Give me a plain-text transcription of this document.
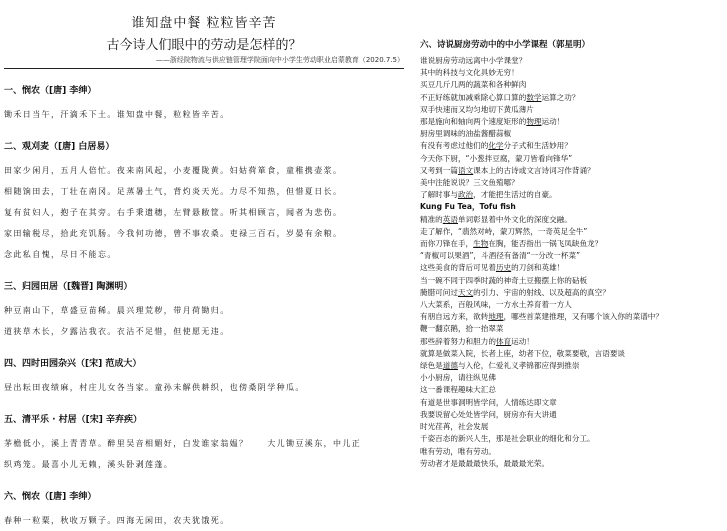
谁知盘中餐 粒粒皆辛苦
古今诗人们眼中的劳动是怎样的？
——浙经院物流与供应链管理学院面向中小学生劳动职业启蒙教育（2020.7.5）
一、悯农（[唐] 李绅）
锄禾日当午，汗滴禾下土。谁知盘中餐，粒粒皆辛苦。
二、观刈麦（[唐] 白居易）
田家少闲月，五月人倍忙。夜来南风起，小麦覆陇黄。妇姑荷箪食，童稚携壶浆。
相随饷田去，丁壮在南冈。足蒸暑土气，背灼炎天光。力尽不知热，但惜夏日长。
复有贫妇人，抱子在其旁。右手秉遗穗，左臂悬敝筐。听其相顾言，闻者为悲伤。
家田输税尽，拾此充饥肠。今我何功德，曾不事农桑。吏禄三百石，岁晏有余粮。
念此私自愧，尽日不能忘。
三、归园田居（[魏晋] 陶渊明）
种豆南山下，草盛豆苗稀。晨兴理荒秽，带月荷锄归。
道狭草木长，夕露沾我衣。衣沾不足惜，但使愿无违。
四、四时田园杂兴（[宋] 范成大）
昼出耘田夜绩麻，村庄儿女各当家。童孙未解供耕织，也傍桑阴学种瓜。
五、清平乐 · 村居（[宋] 辛弃疾）
茅檐低小，溪上青青草。醉里吴音相媚好，白发谁家翁媪？　　大儿锄豆溪东，中儿正
织鸡笼。最喜小儿无赖，溪头卧剥莲蓬。
六、悯农（[唐] 李绅）
春种一粒粟，秋收万颗子。四海无闲田，农夫犹饿死。
六、诗说厨房劳动中的中小学课程（郭星明）
谁说厨房劳动远离中小学课堂？
其中的科技与文化具妙无穷！
买豆几斤几两的蔬菜和各种鲜肉
不正好练就加减乘除心算口算的数学运算之功？
双手快速而又均匀地切下黄瓜薄片
那是施向和轴向两个速度矩形的物理运动！
厨房里调味的油盐酱醋蒜椒
有没有考虑过他们的化学分子式和生活妙用？
今天你下厨，“小葱拌豆腐，蒙刀皆看向锋华”
又考到一篇语文课本上的古诗或文言诗词习作背诵？
美中注能说说？三文鱼殖哪？
了解时事与政治，才能把生活过的自豪。
Kung Fu Tea，Tofu fish
精准的英语单词彰显着中外文化的深度交融。
走了解作，“翡然对峙，蒙刀辉然，一奇英足全牛”
而你刀锋在手，生物在胸，能否指出一锅飞凤缺鱼龙？
“青椒可以果酒”，斗酒径有备清“一分改一杯菜”
这些美食的背后可见着历史的刀剑和英雄！
当一碗不同于四季时蔬的神奇土豆搬摆上你的砧板
腌腊可问过天文的引力、宇宙的射线、以及超高的真空？
八大菜系，百般风味，一方水土养育着一方人
有朋自远方来，欲转地理，哪些首菜建推理，又有哪个该入你的菜谱中？
鞭一翻京鹅，拾一抬翠菜
那些辞着努力和胆力的体育运动！
就算是做菜入院，长者上座，幼者下位，敬菜要敬，言语要谈
绿色是道德与入伦，仁爱礼义孝锦都应得到推崇
小小厨房，请往纵见佛
这一番课程趣味大汇总
有道是世事洞明皆学问，人情练达即文章
我要说留心处处皆学问，厨房亦有大讲通
时光荏苒，社会发展
千姿百态的新兴人生，那是社会职业的细化和分工。
唯有劳动，唯有劳动。
劳动者才是最最最快乐，最最最光荣。
